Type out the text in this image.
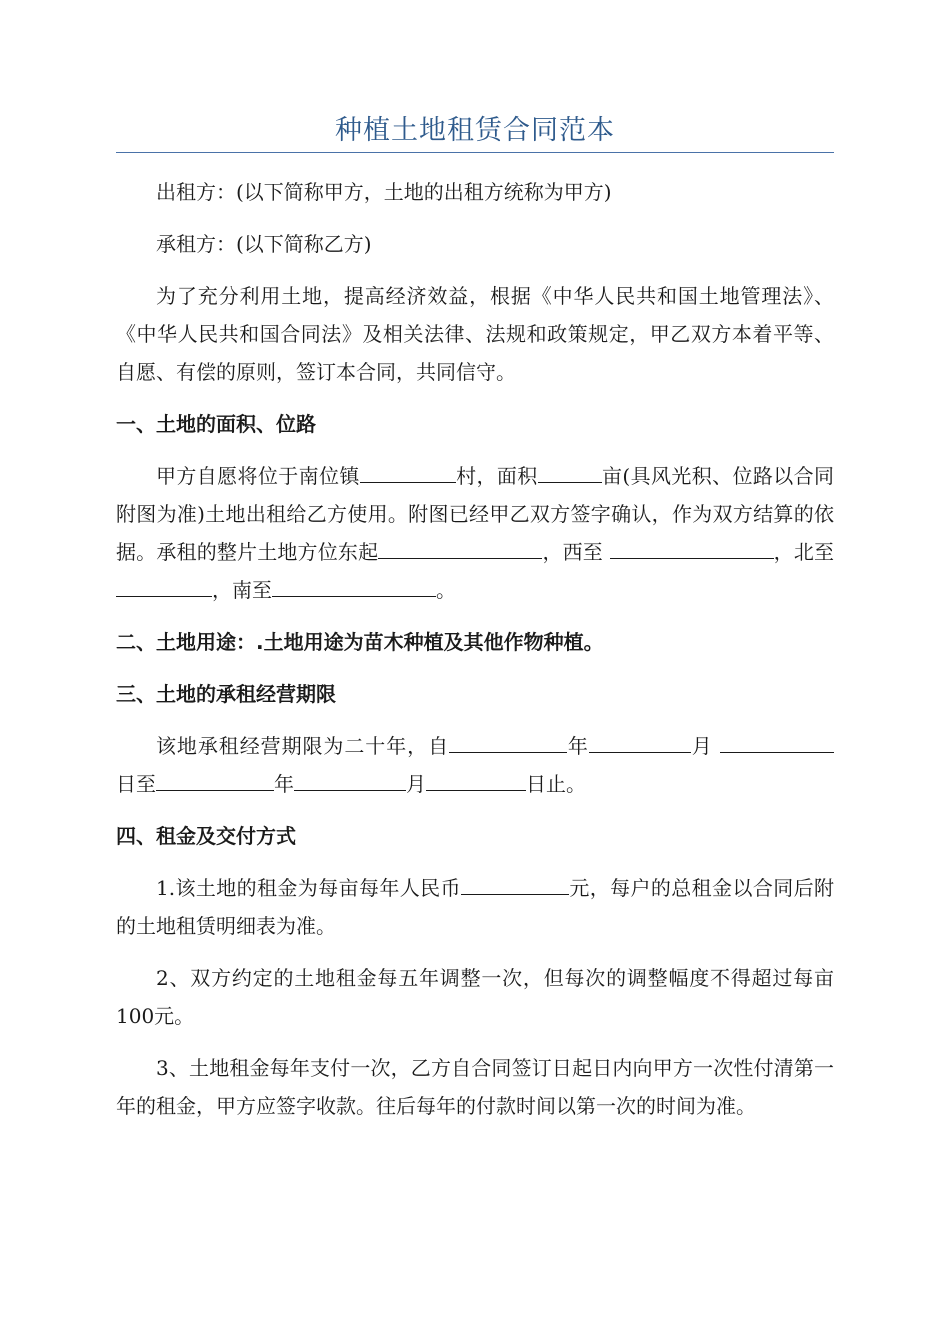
种植土地租赁合同范本

出租方：(以下简称甲方，土地的出租方统称为甲方)

承租方：(以下简称乙方)

为了充分利用土地，提高经济效益，根据《中华人民共和国土地管理法》、《中华人民共和国合同法》及相关法律、法规和政策规定，甲乙双方本着平等、自愿、有偿的原则，签订本合同，共同信守。

一、土地的面积、位路

甲方自愿将位于南位镇	村，面积	亩(具风光积、位路以合同附图为准)土地出租给乙方使用。附图已经甲乙双方签字确认，作为双方结算的依据。承租的整片土地方位东起	，西至	，北至，南至	。

二、土地用途：.土地用途为苗木种植及其他作物种植。
三、土地的承租经营期限

该地承租经营期限为二十年，自	年	月 日至	年	月	日止。

四、租金及交付方式

1.该土地的租金为每亩每年人民币	元，每户的总租金以合同后附的土地租赁明细表为准。

2、双方约定的土地租金每五年调整一次，但每次的调整幅度不得超过每亩100元。

3、土地租金每年支付一次，乙方自合同签订日起日内向甲方一次性付清第一年的租金，甲方应签字收款。往后每年的付款时间以第一次的时间为准。
